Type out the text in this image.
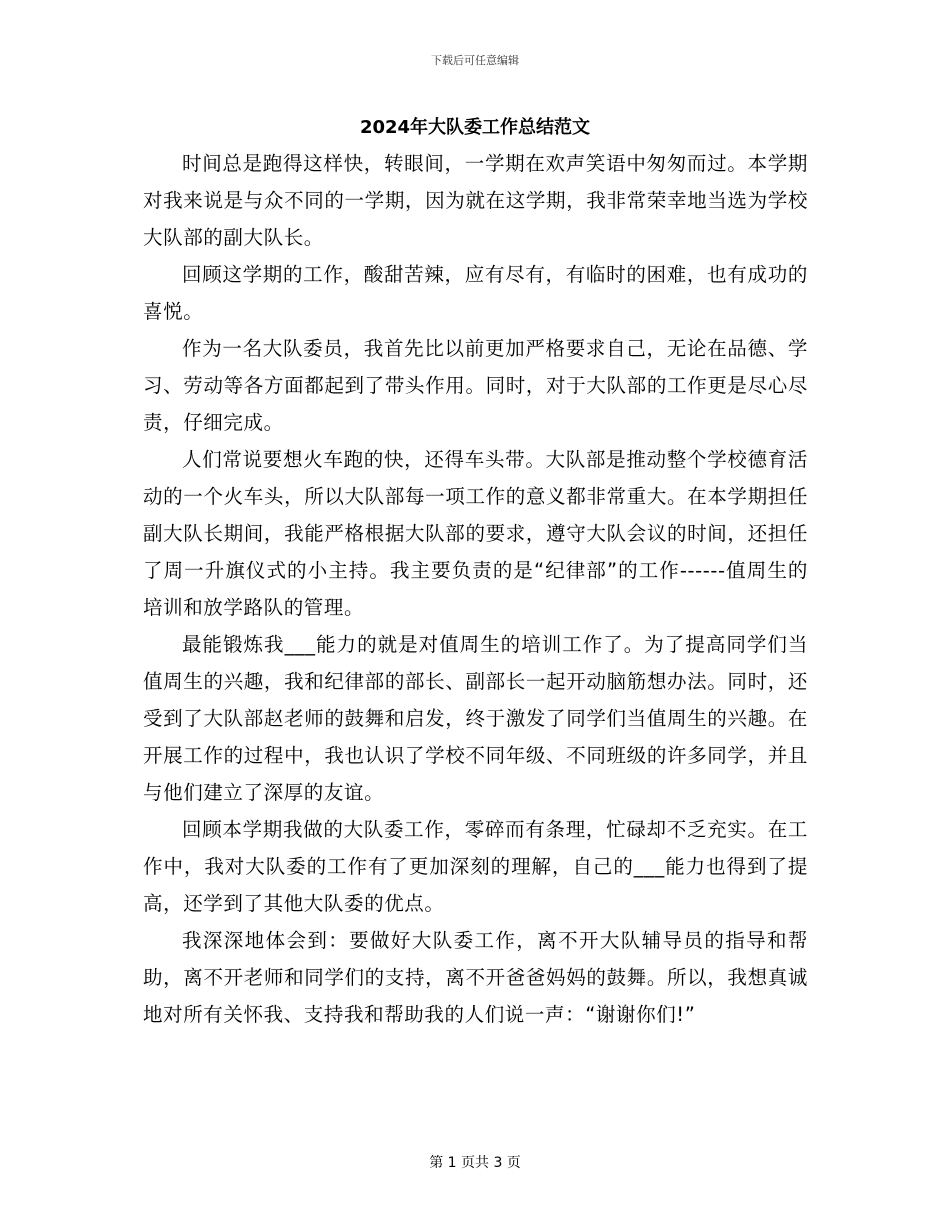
下载后可任意编辑
2024年大队委工作总结范文

时间总是跑得这样快，转眼间，一学期在欢声笑语中匆匆而过。本学期对我来说是与众不同的一学期，因为就在这学期，我非常荣幸地当选为学校大队部的副大队长。

回顾这学期的工作，酸甜苦辣，应有尽有，有临时的困难，也有成功的喜悦。

作为一名大队委员，我首先比以前更加严格要求自己，无论在品德、学习、劳动等各方面都起到了带头作用。同时，对于大队部的工作更是尽心尽责，仔细完成。

人们常说要想火车跑的快，还得车头带。大队部是推动整个学校德育活动的一个火车头，所以大队部每一项工作的意义都非常重大。在本学期担任副大队长期间，我能严格根据大队部的要求，遵守大队会议的时间，还担任了周一升旗仪式的小主持。我主要负责的是“纪律部”的工作------值周生的培训和放学路队的管理。

最能锻炼我___能力的就是对值周生的培训工作了。为了提高同学们当值周生的兴趣，我和纪律部的部长、副部长一起开动脑筋想办法。同时，还受到了大队部赵老师的鼓舞和启发，终于激发了同学们当值周生的兴趣。在开展工作的过程中，我也认识了学校不同年级、不同班级的许多同学，并且与他们建立了深厚的友谊。

回顾本学期我做的大队委工作，零碎而有条理，忙碌却不乏充实。在工作中，我对大队委的工作有了更加深刻的理解，自己的___能力也得到了提高，还学到了其他大队委的优点。

我深深地体会到：要做好大队委工作，离不开大队辅导员的指导和帮助，离不开老师和同学们的支持，离不开爸爸妈妈的鼓舞。所以，我想真诚地对所有关怀我、支持我和帮助我的人们说一声：“谢谢你们!”

第 1 页共 3 页
